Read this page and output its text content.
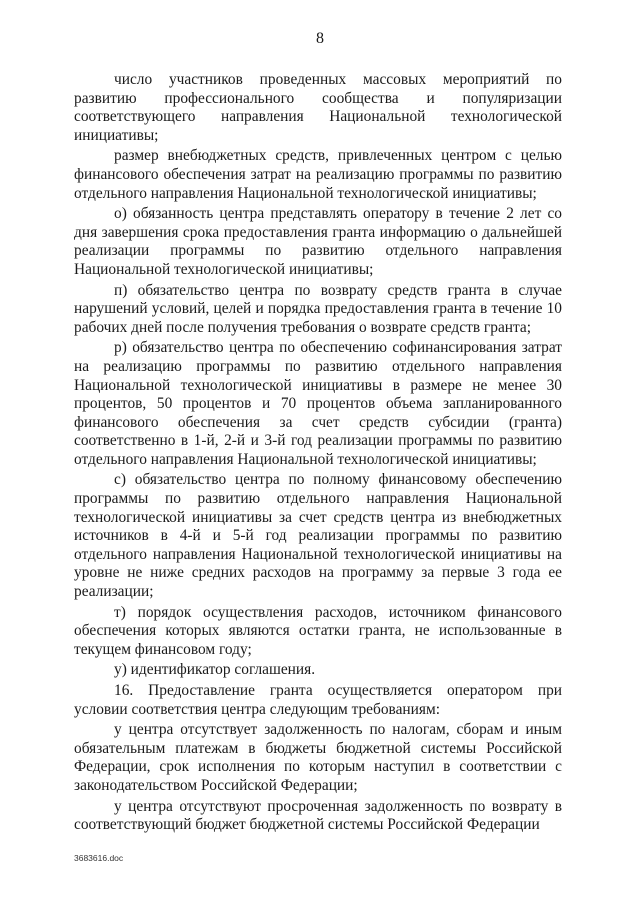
8

число участников проведенных массовых мероприятий по развитию профессионального сообщества и популяризации соответствующего направления Национальной технологической инициативы;

размер внебюджетных средств, привлеченных центром с целью финансового обеспечения затрат на реализацию программы по развитию отдельного направления Национальной технологической инициативы;

о) обязанность центра представлять оператору в течение 2 лет со дня завершения срока предоставления гранта информацию о дальнейшей реализации программы по развитию отдельного направления Национальной технологической инициативы;

п) обязательство центра по возврату средств гранта в случае нарушений условий, целей и порядка предоставления гранта в течение 10 рабочих дней после получения требования о возврате средств гранта;

р) обязательство центра по обеспечению софинансирования затрат на реализацию программы по развитию отдельного направления Национальной технологической инициативы в размере не менее 30 процентов, 50 процентов и 70 процентов объема запланированного финансового обеспечения за счет средств субсидии (гранта) соответственно в 1-й, 2-й и 3-й год реализации программы по развитию отдельного направления Национальной технологической инициативы;

с) обязательство центра по полному финансовому обеспечению программы по развитию отдельного направления Национальной технологической инициативы за счет средств центра из внебюджетных источников в 4-й и 5-й год реализации программы по развитию отдельного направления Национальной технологической инициативы на уровне не ниже средних расходов на программу за первые 3 года ее реализации;

т) порядок осуществления расходов, источником финансового обеспечения которых являются остатки гранта, не использованные в текущем финансовом году;

у) идентификатор соглашения.

16. Предоставление гранта осуществляется оператором при условии соответствия центра следующим требованиям:

у центра отсутствует задолженность по налогам, сборам и иным обязательным платежам в бюджеты бюджетной системы Российской Федерации, срок исполнения по которым наступил в соответствии с законодательством Российской Федерации;

у центра отсутствуют просроченная задолженность по возврату в соответствующий бюджет бюджетной системы Российской Федерации

3683616.doc
